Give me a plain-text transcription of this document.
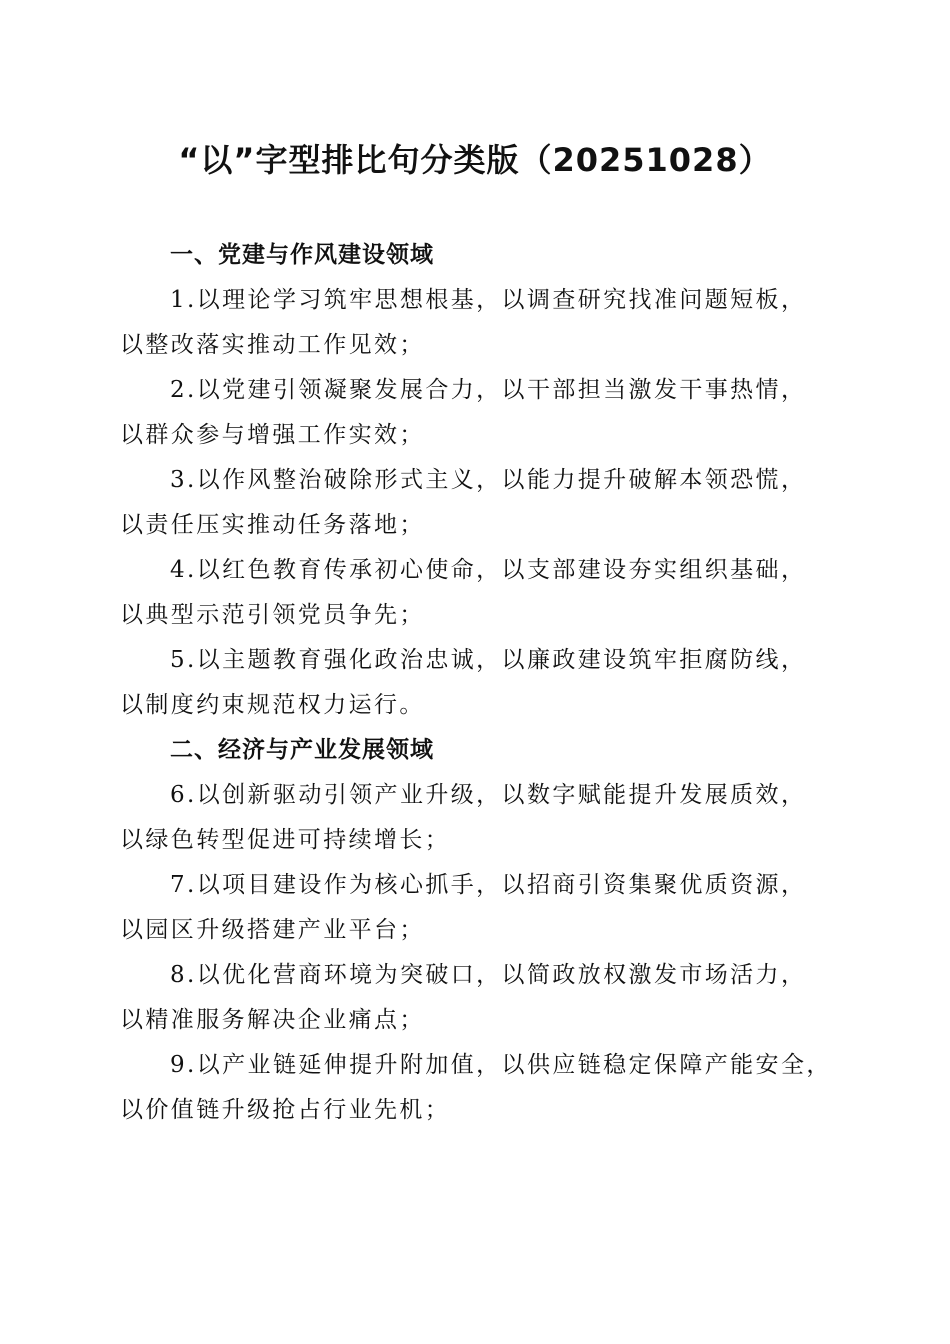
“以”字型排比句分类版（20251028）
一、党建与作风建设领域
1.以理论学习筑牢思想根基，以调查研究找准问题短板，
以整改落实推动工作见效；
2.以党建引领凝聚发展合力，以干部担当激发干事热情，
以群众参与增强工作实效；
3.以作风整治破除形式主义，以能力提升破解本领恐慌，
以责任压实推动任务落地；
4.以红色教育传承初心使命，以支部建设夯实组织基础，
以典型示范引领党员争先；
5.以主题教育强化政治忠诚，以廉政建设筑牢拒腐防线，
以制度约束规范权力运行。
二、经济与产业发展领域
6.以创新驱动引领产业升级，以数字赋能提升发展质效，
以绿色转型促进可持续增长；
7.以项目建设作为核心抓手，以招商引资集聚优质资源，
以园区升级搭建产业平台；
8.以优化营商环境为突破口，以简政放权激发市场活力，
以精准服务解决企业痛点；
9.以产业链延伸提升附加值，以供应链稳定保障产能安全，
以价值链升级抢占行业先机；
